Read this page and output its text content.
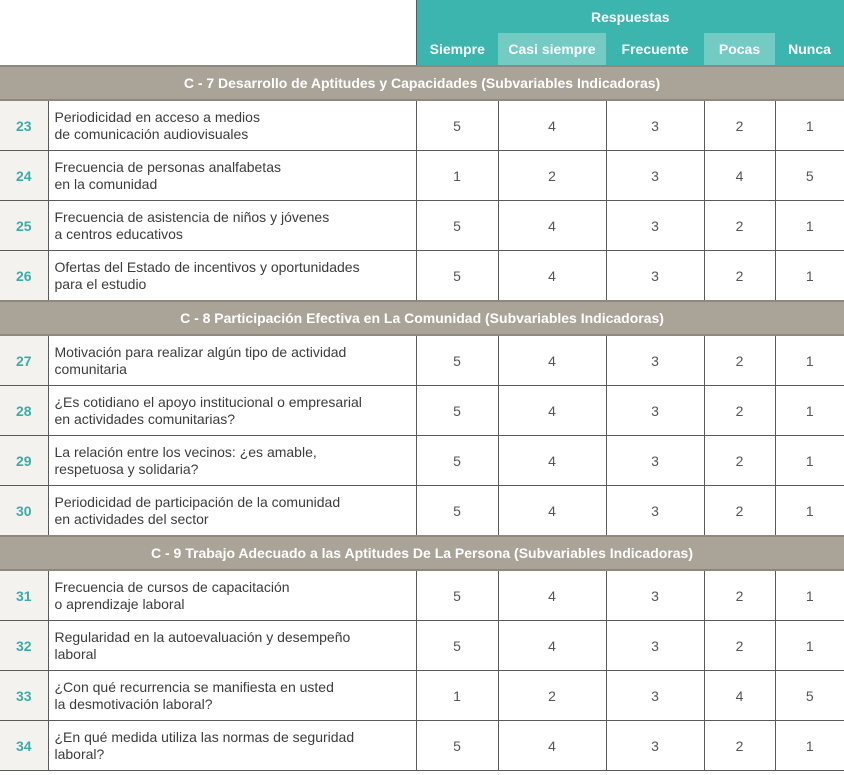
		Respuestas				
		Siempre	Casi siempre	Frecuente	Pocas	Nunca
C - 7 Desarrollo de Aptitudes y Capacidades (Subvariables Indicadoras)						
23	Periodicidad en acceso a medios
de comunicación audiovisuales	5	4	3	2	1
24	Frecuencia de personas analfabetas
en la comunidad	1	2	3	4	5
25	Frecuencia de asistencia de niños y jóvenes
a centros educativos	5	4	3	2	1
26	Ofertas del Estado de incentivos y oportunidades
para el estudio	5	4	3	2	1
C - 8 Participación Efectiva en La Comunidad (Subvariables Indicadoras)						
27	Motivación para realizar algún tipo de actividad
comunitaria	5	4	3	2	1
28	¿Es cotidiano el apoyo institucional o empresarial
en actividades comunitarias?	5	4	3	2	1
29	La relación entre los vecinos: ¿es amable,
respetuosa y solidaria?	5	4	3	2	1
30	Periodicidad de participación de la comunidad
en actividades del sector	5	4	3	2	1
C - 9 Trabajo Adecuado a las Aptitudes De La Persona (Subvariables Indicadoras)						
31	Frecuencia de cursos de capacitación
o aprendizaje laboral	5	4	3	2	1
32	Regularidad en la autoevaluación y desempeño
laboral	5	4	3	2	1
33	¿Con qué recurrencia se manifiesta en usted
la desmotivación laboral?	1	2	3	4	5
34	¿En qué medida utiliza las normas de seguridad
laboral?	5	4	3	2	1
